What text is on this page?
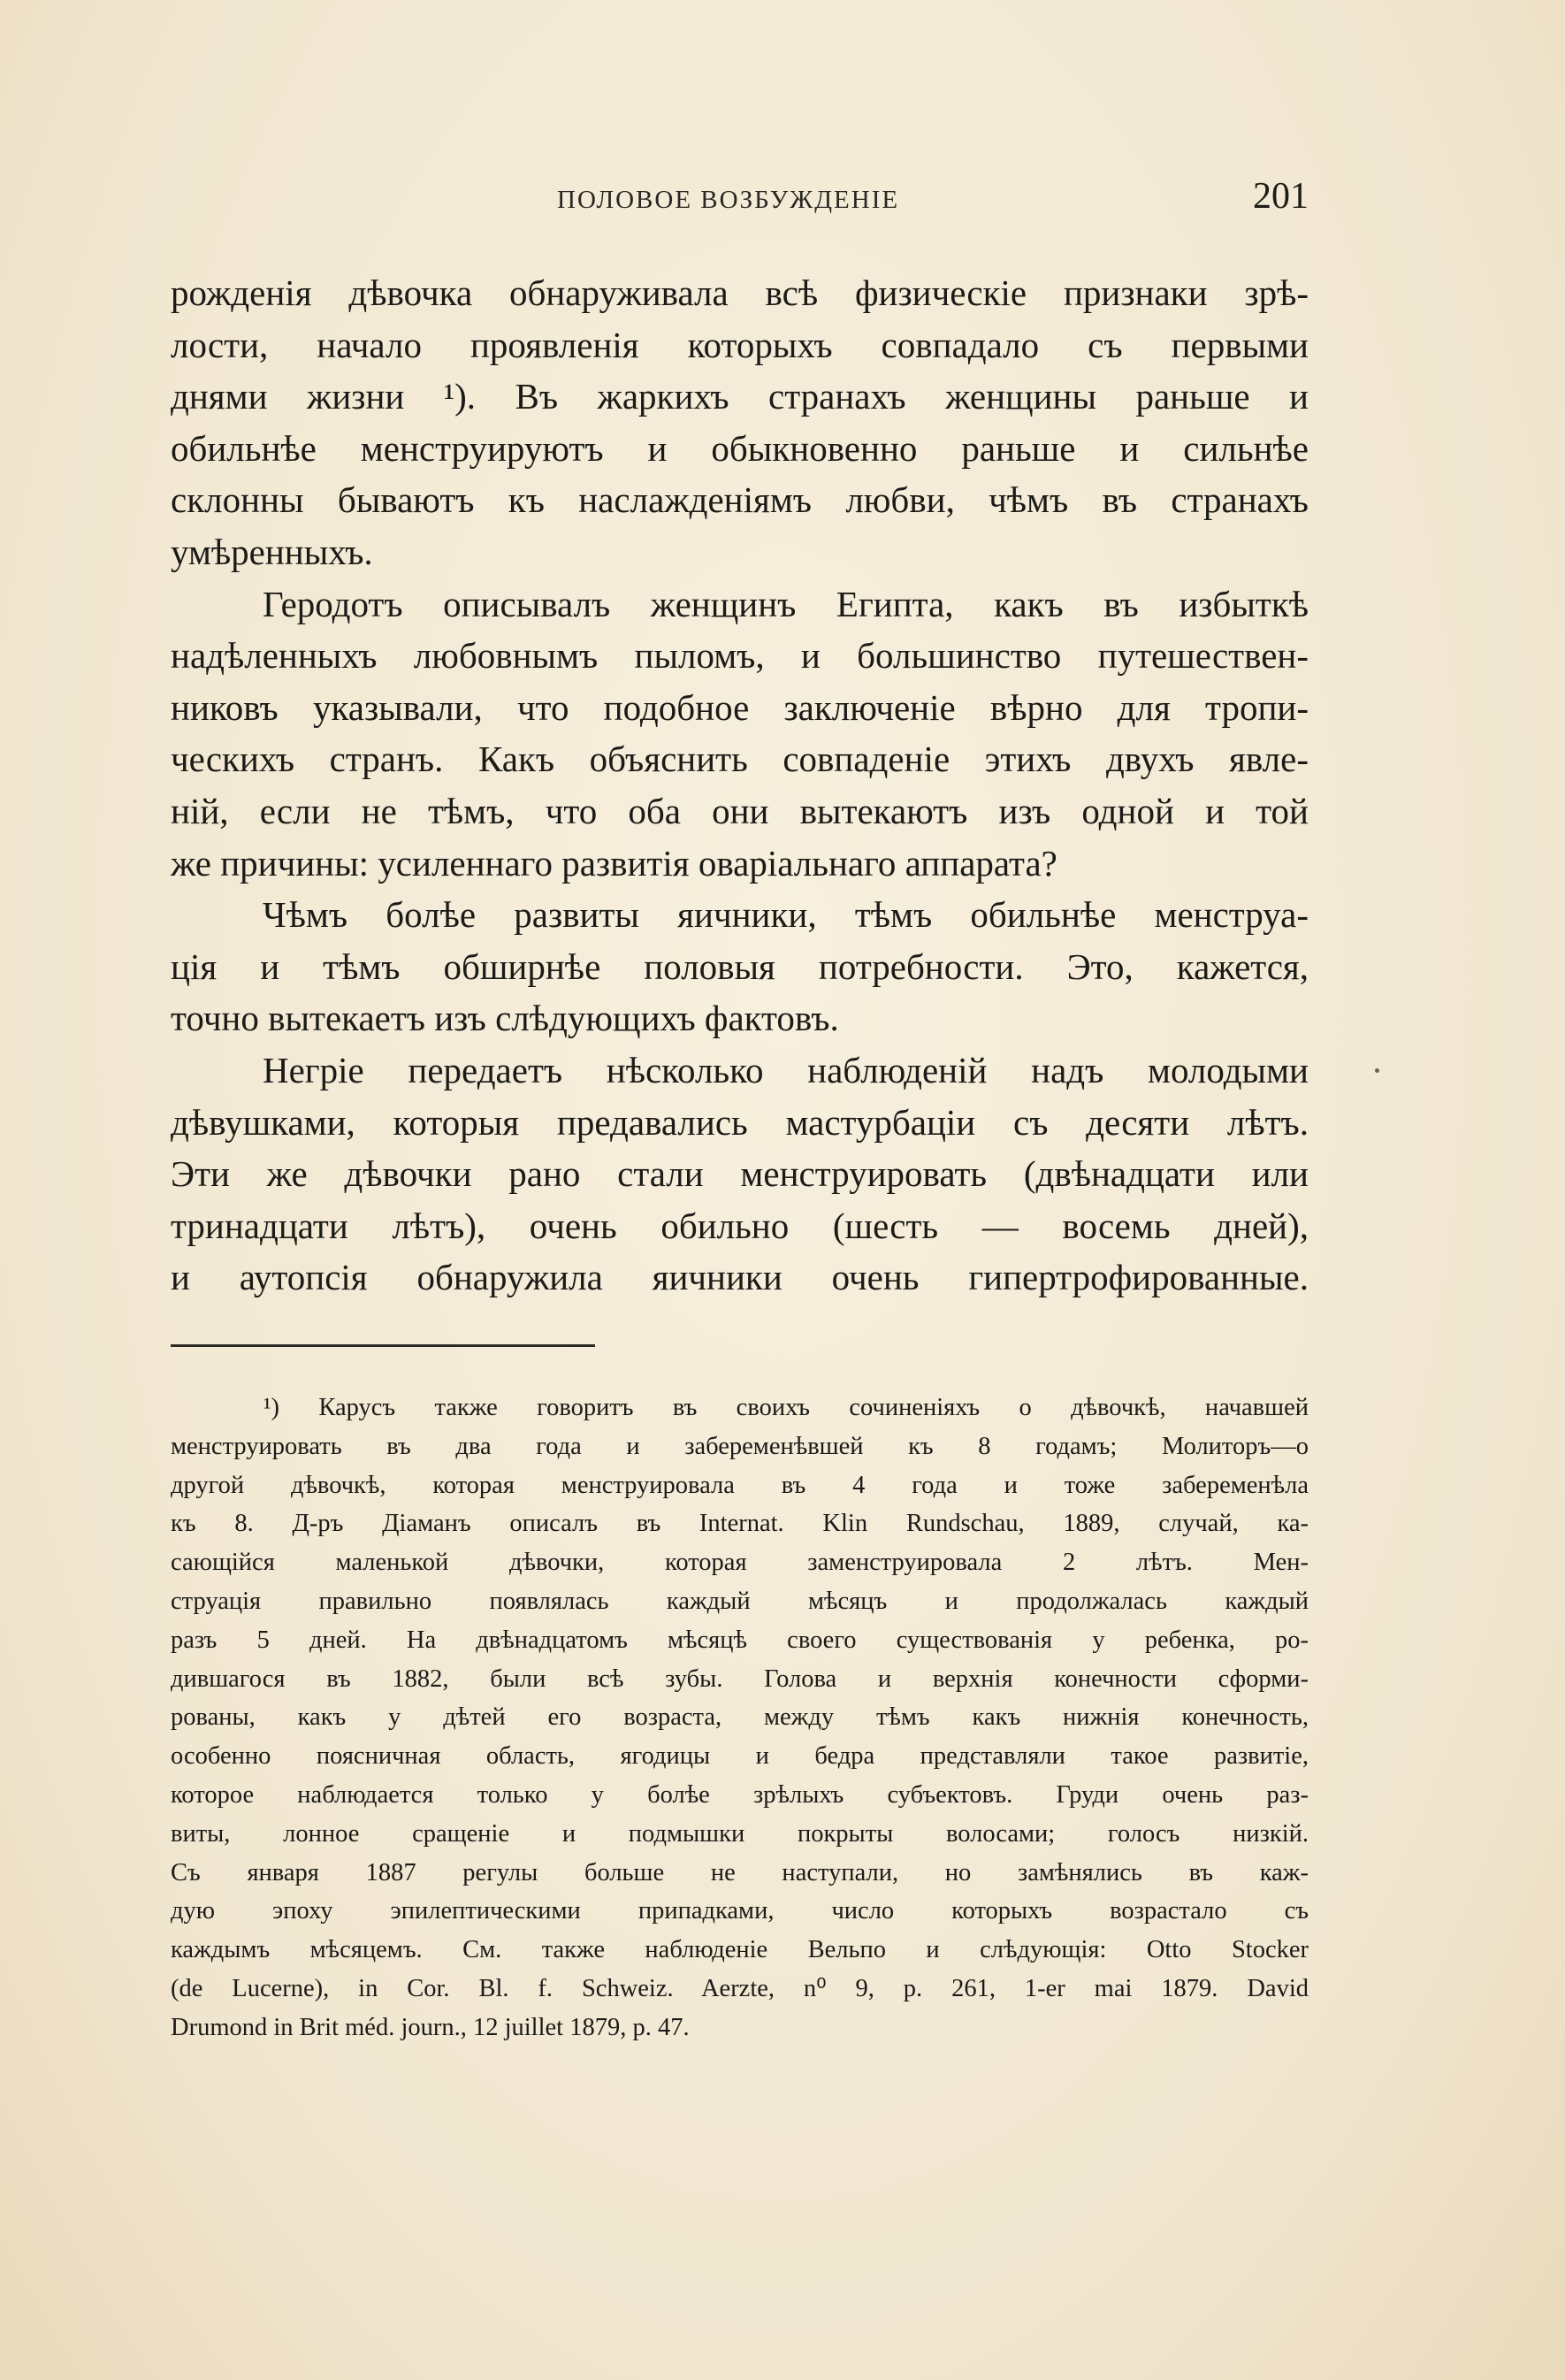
ПОЛОВОЕ ВОЗБУЖДЕНІЕ	201
рожденія дѣвочка обнаруживала всѣ физическіе признаки зрѣ-
лости, начало проявленія которыхъ совпадало съ первыми
днями жизни ¹). Въ жаркихъ странахъ женщины раньше и
обильнѣе менструируютъ и обыкновенно раньше и сильнѣе
склонны бываютъ къ наслажденіямъ любви, чѣмъ въ странахъ
умѣренныхъ.
Геродотъ описывалъ женщинъ Египта, какъ въ избыткѣ
надѣленныхъ любовнымъ пыломъ, и большинство путешествен-
никовъ указывали, что подобное заключеніе вѣрно для тропи-
ческихъ странъ. Какъ объяснить совпаденіе этихъ двухъ явле-
ній, если не тѣмъ, что оба они вытекаютъ изъ одной и той
же причины: усиленнаго развитія оваріальнаго аппарата?
Чѣмъ болѣе развиты яичники, тѣмъ обильнѣе менструа-
ція и тѣмъ обширнѣе половыя потребности. Это, кажется,
точно вытекаетъ изъ слѣдующихъ фактовъ.
Негріе передаетъ нѣсколько наблюденій надъ молодыми
дѣвушками, которыя предавались мастурбаціи съ десяти лѣтъ.
Эти же дѣвочки рано стали менструировать (двѣнадцати или
тринадцати лѣтъ), очень обильно (шесть — восемь дней),
и аутопсія обнаружила яичники очень гипертрофированные.
¹) Карусъ также говоритъ въ своихъ сочиненіяхъ о дѣвочкѣ, начавшей
менструировать въ два года и забеременѣвшей къ 8 годамъ; Молиторъ—о
другой дѣвочкѣ, которая менструировала въ 4 года и тоже забеременѣла
къ 8. Д-ръ Діаманъ описалъ въ Internat. Klin Rundschau, 1889, случай, ка-
сающійся маленькой дѣвочки, которая заменструировала 2 лѣтъ. Мен-
струація правильно появлялась каждый мѣсяцъ и продолжалась каждый
разъ 5 дней. На двѣнадцатомъ мѣсяцѣ своего существованія у ребенка, ро-
дившагося въ 1882, были всѣ зубы. Голова и верхнія конечности сформи-
рованы, какъ у дѣтей его возраста, между тѣмъ какъ нижнія конечность,
особенно поясничная область, ягодицы и бедра представляли такое развитіе,
которое наблюдается только у болѣе зрѣлыхъ субъектовъ. Груди очень раз-
виты, лонное сращеніе и подмышки покрыты волосами; голосъ низкій.
Съ января 1887 регулы больше не наступали, но замѣнялись въ каж-
дую эпоху эпилептическими припадками, число которыхъ возрастало съ
каждымъ мѣсяцемъ. См. также наблюденіе Вельпо и слѣдующія: Otto Stocker
(de Lucerne), in Cor. Bl. f. Schweiz. Aerzte, n⁰ 9, p. 261, 1-er mai 1879. David
Drumond in Brit méd. journ., 12 juillet 1879, p. 47.
